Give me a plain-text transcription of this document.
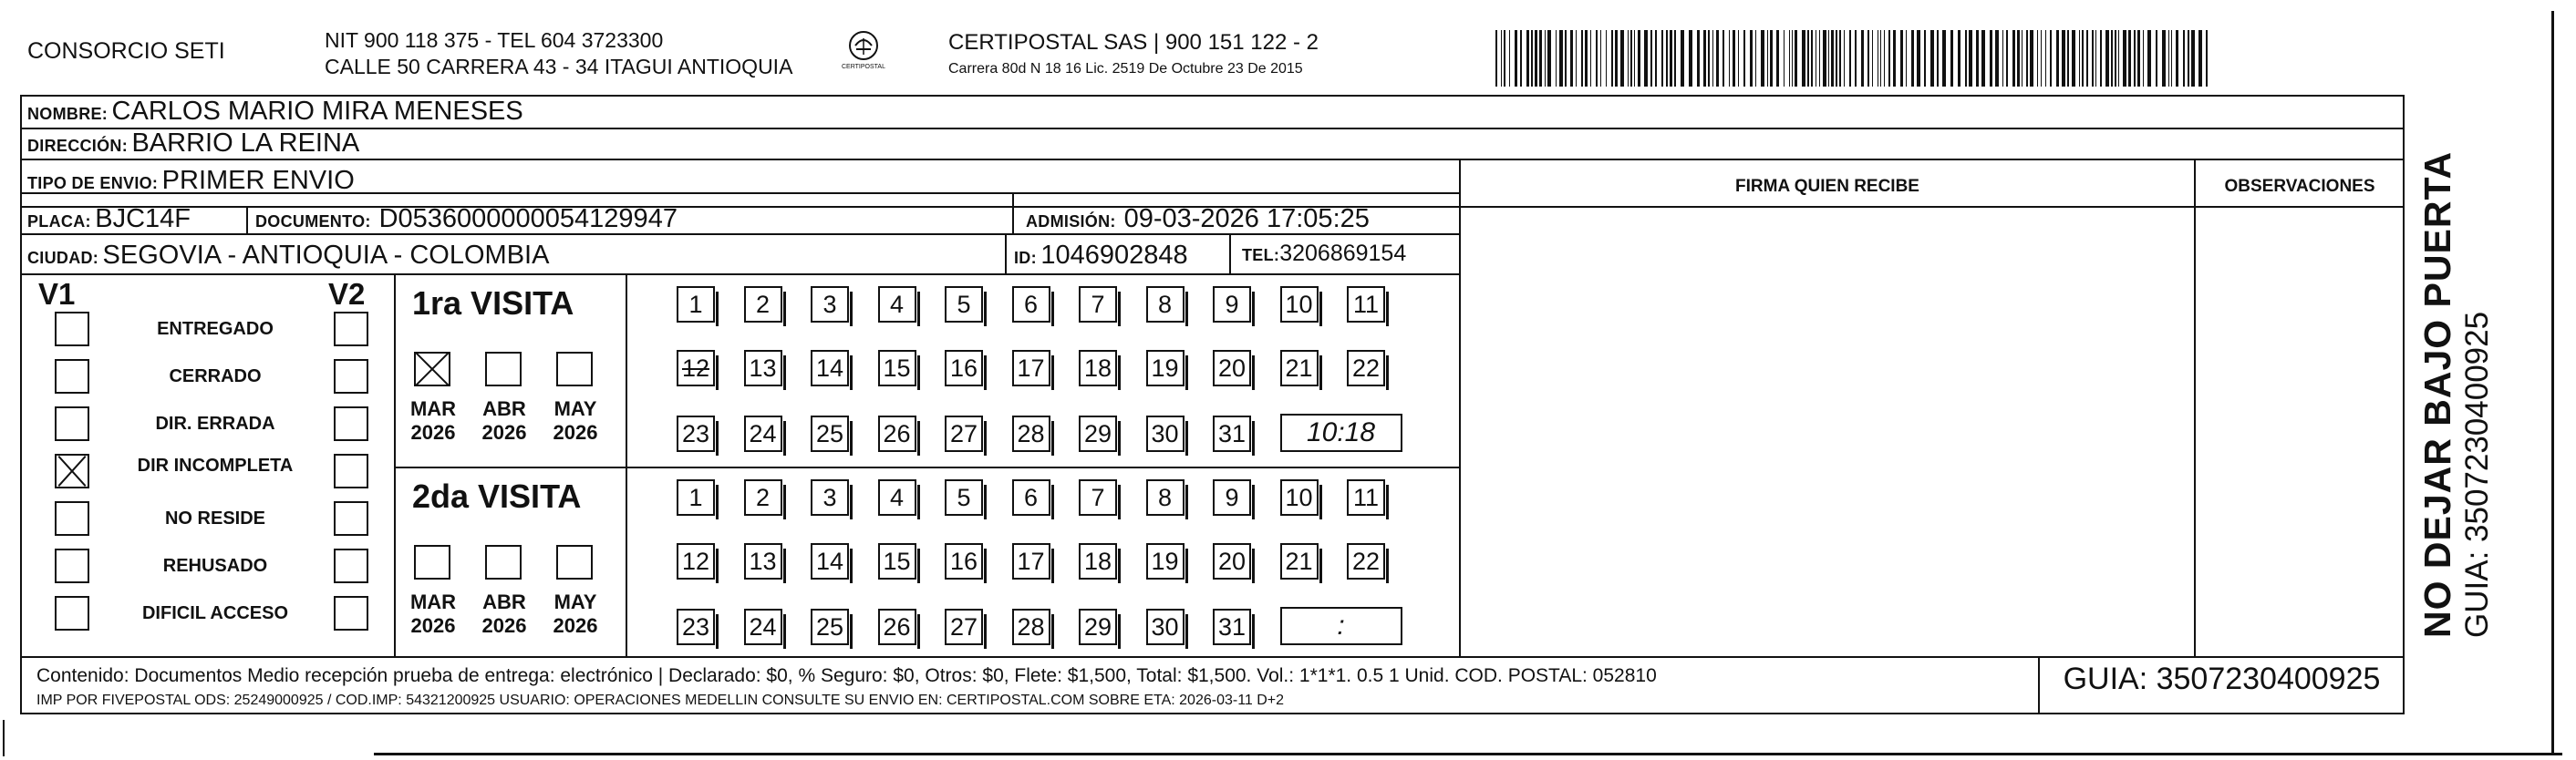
CONSORCIO SETI	NIT 900 118 375 - TEL 604 3723300
CALLE 50 CARRERA 43 - 34 ITAGUI ANTIOQUIA	CERTIPOSTAL
CERTIPOSTAL SAS | 900 151 122 - 2
Carrera 80d N 18 16 Lic. 2519 De Octubre 23 De 2015
NOMBRE: CARLOS MARIO MIRA MENESES
DIRECCIÓN: BARRIO LA REINA
TIPO DE ENVIO: PRIMER ENVIO
PLACA: BJC14F	DOCUMENTO: D0536000000054129947	ADMISIÓN: 09-03-2026 17:05:25
CIUDAD: SEGOVIA - ANTIOQUIA - COLOMBIA	ID: 1046902848	TEL:3206869154
FIRMA QUIEN RECIBE	OBSERVACIONES
V1	V2
ENTREGADO
CERRADO
DIR. ERRADA
DIR INCOMPLETA
NO RESIDE
REHUSADO
DIFICIL ACCESO
1ra VISITA
MAR
2026
ABR
2026
MAY
2026
1 2 3 4 5 6 7 8 9 10 11
12 13 14 15 16 17 18 19 20 21 22
23 24 25 26 27 28 29 30 31	10:18
2da VISITA
MAR
2026
ABR
2026
MAY
2026
1 2 3 4 5 6 7 8 9 10 11
12 13 14 15 16 17 18 19 20 21 22
23 24 25 26 27 28 29 30 31	:
Contenido: Documentos Medio recepción prueba de entrega: electrónico | Declarado: $0, % Seguro: $0, Otros: $0, Flete: $1,500, Total: $1,500. Vol.: 1*1*1. 0.5 1 Unid. COD. POSTAL: 052810
IMP POR FIVEPOSTAL ODS: 25249000925 / COD.IMP: 54321200925 USUARIO: OPERACIONES MEDELLIN CONSULTE SU ENVIO EN: CERTIPOSTAL.COM SOBRE ETA: 2026-03-11 D+2
GUIA: 3507230400925
NO DEJAR BAJO PUERTA GUIA: 3507230400925
